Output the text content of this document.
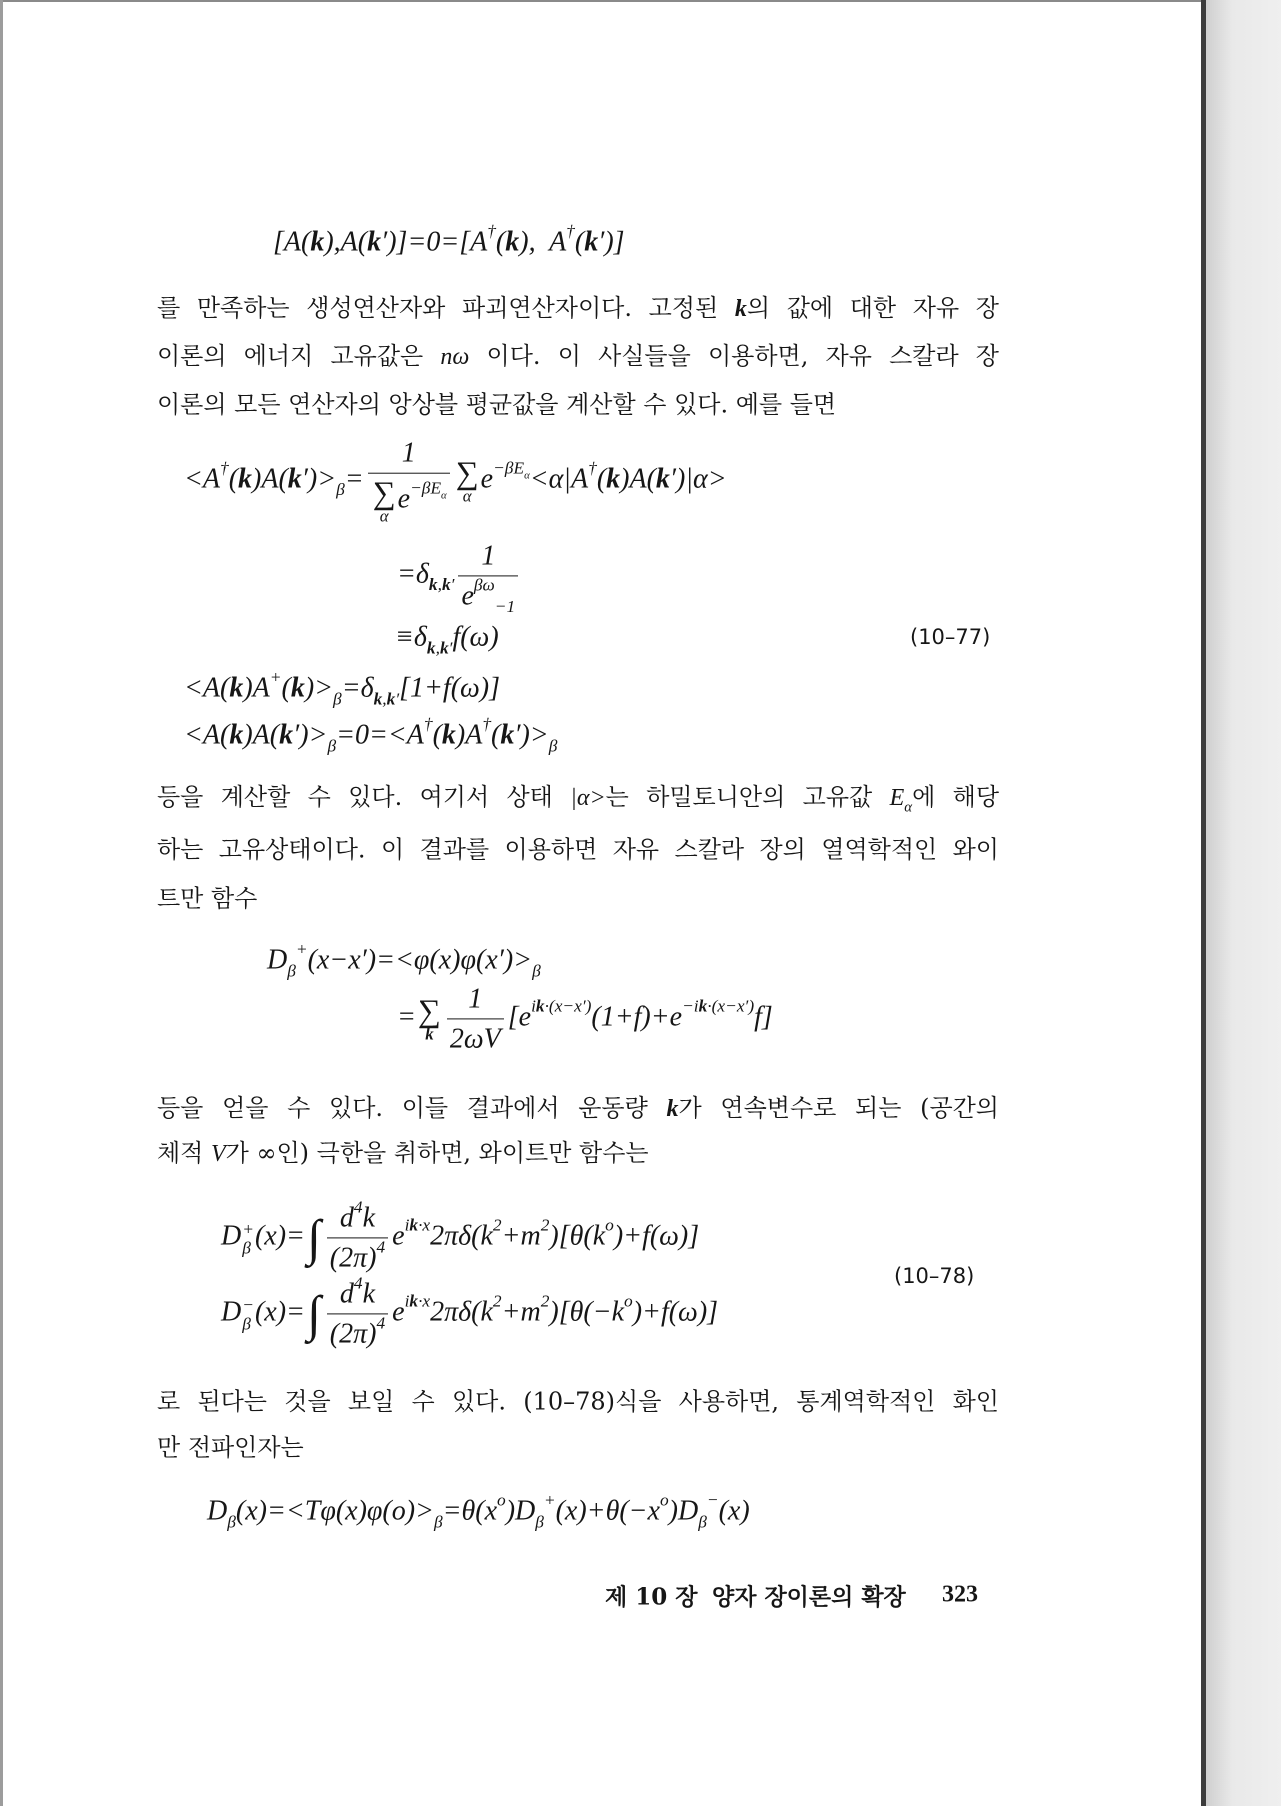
[A(k),A(k′)]=0=[A†(k),  A†(k′)]
를 만족하는 생성연산자와 파괴연산자이다. 고정된 k의 값에 대한 자유 장
이론의 에너지 고유값은 nω 이다. 이 사실들을 이용하면, 자유 스칼라 장
이론의 모든 연산자의 앙상블 평균값을 계산할 수 있다. 예를 들면
$<A^\dagger(k)A(k')>_\beta= 1$
∑
α
$e^{-\beta E_\alpha}$ ∑
α
$e^{-\beta E_\alpha}<\alpha|A^\dagger(k)A(k')|\alpha>$
$=\delta_{k,k'} \frac{1}{e^{\beta\omega}_{-1}}$
$\equiv\delta_{k,k'}f(\omega)$	(10–77)
$<A(k)A^+(k)>_\beta=\delta_{k,k'}[1+f(\omega)]$
$<A(k)A(k')>_\beta=0=<A^\dagger(k)A^\dagger(k')>_\beta$
등을 계산할 수 있다. 여기서 상태 |α>는 하밀토니안의 고유값 $E_\alpha$에 해당
하는 고유상태이다. 이 결과를 이용하면 자유 스칼라 장의 열역학적인 와이
트만 함수
$D_\beta^+(x-x')=<\varphi(x)\varphi(x')>_\beta$
= ∑
k $\frac{1}{2\omega V} [e^{ik\cdot(x-x')}(1+f)+e^{-ik\cdot(x-x')}f]$
등을 얻을 수 있다. 이들 결과에서 운동량 k가 연속변수로 되는 (공간의
체적 V가 ∞인) 극한을 취하면, 와이트만 함수는
D +
β (x)= ∫ $\frac{d^4k}{(2\pi)^4} e^{ik\cdot x}2\pi\delta(k^2+m^2)[\theta(k^o)+f(\omega)]$
(10–78)
D −
β (x)= ∫ $\frac{d^4k}{(2\pi)^4} e^{ik\cdot x}2\pi\delta(k^2+m^2)[\theta(-k^o)+f(\omega)]$
로 된다는 것을 보일 수 있다. (10–78)식을 사용하면, 통계역학적인 화인
만 전파인자는
$D_\beta(x)=<T\varphi(x)\varphi(o)>_\beta=\theta(x^o)D_\beta^+(x)+\theta(-x^o)D_\beta^-(x)$
제 10 장 양자 장이론의 확장 323
